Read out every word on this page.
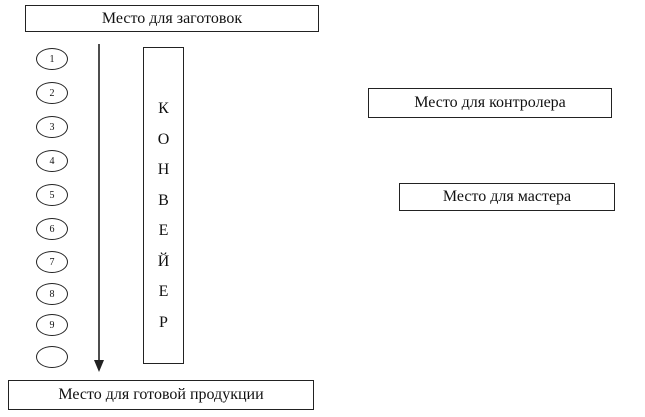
Место для заготовок
К
О
Н
В
Е
Й
Е
Р
1
2
3
4
5
6
7
8
9
Место для контролера
Место для мастера
Место для готовой продукции
